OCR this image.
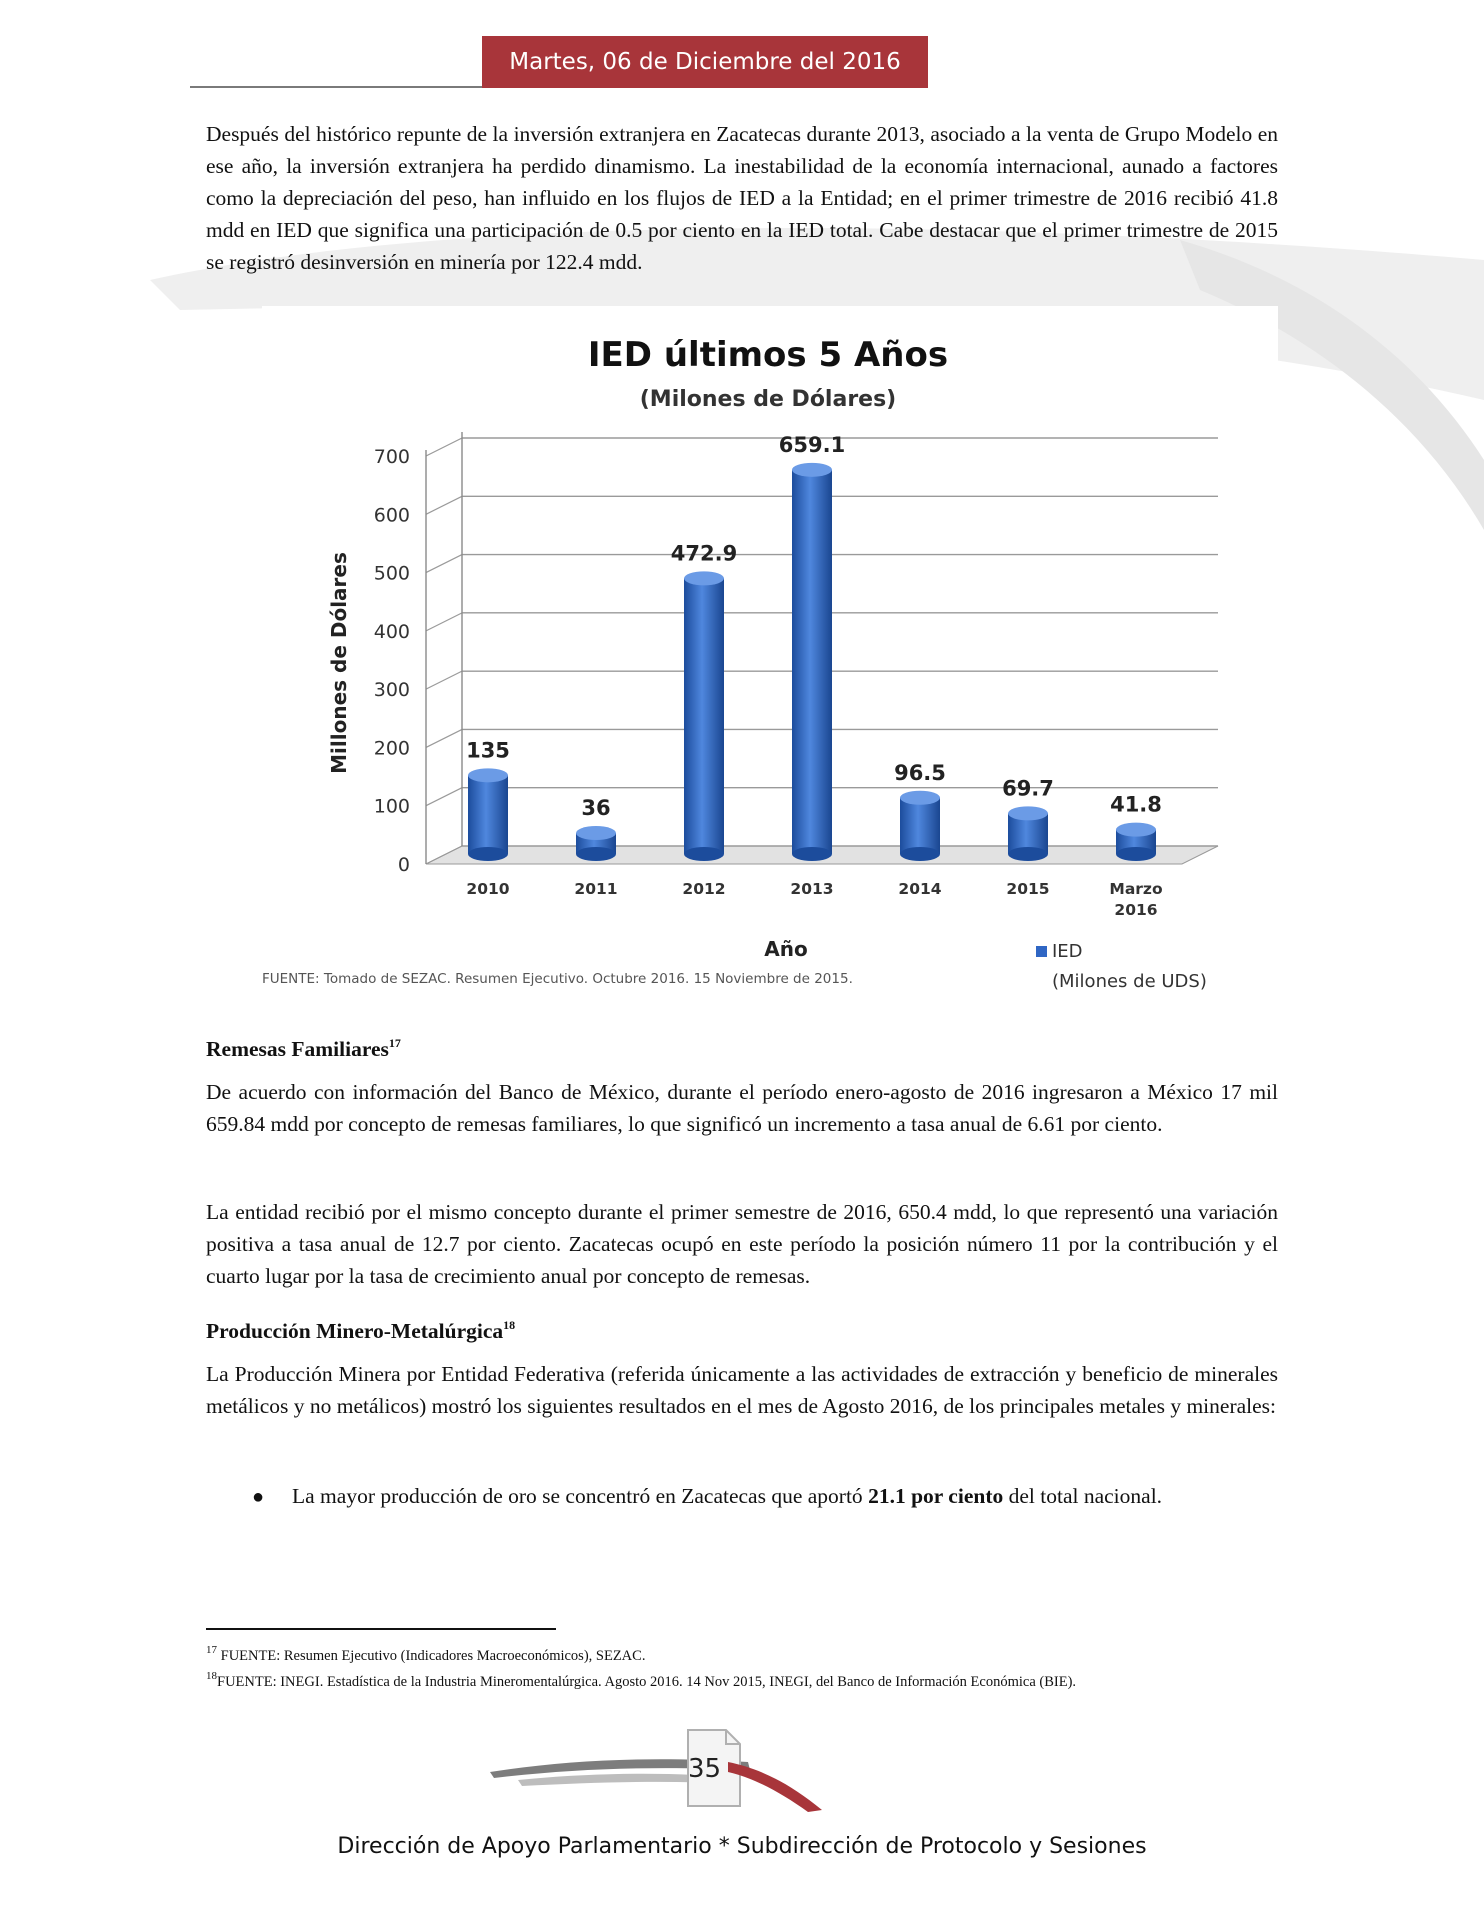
Martes, 06 de Diciembre del 2016

Después del histórico repunte de la inversión extranjera en Zacatecas durante 2013, asociado a la venta de Grupo Modelo en ese año, la inversión extranjera ha perdido dinamismo. La inestabilidad de la economía internacional, aunado a factores como la depreciación del peso, han influido en los flujos de IED a la Entidad; en el primer trimestre de 2016 recibió 41.8 mdd en IED que significa una participación de 0.5 por ciento en la IED total. Cabe destacar que el primer trimestre de 2015 se registró desinversión en minería por 122.4 mdd.

IED últimos 5 Años
(Milones de Dólares)
Millones de Dólares
Año
0
100
200
300
400
500
600
700
135
2010
36
2011
472.9
2012
659.1
2013
96.5
2014
69.7
2015
41.8
Marzo
2016
IED
(Milones de UDS)
FUENTE: Tomado de SEZAC. Resumen Ejecutivo. Octubre 2016. 15 Noviembre de 2015.

Remesas Familiares$^{17}$

De acuerdo con información del Banco de México, durante el período enero-agosto de 2016 ingresaron a México 17 mil 659.84 mdd por concepto de remesas familiares, lo que significó un incremento a tasa anual de 6.61 por ciento.

La entidad recibió por el mismo concepto durante el primer semestre de 2016, 650.4 mdd, lo que representó una variación positiva a tasa anual de 12.7 por ciento. Zacatecas ocupó en este período la posición número 11 por la contribución y el cuarto lugar por la tasa de crecimiento anual por concepto de remesas.

Producción Minero-Metalúrgica$^{18}$

La Producción Minera por Entidad Federativa (referida únicamente a las actividades de extracción y beneficio de minerales metálicos y no metálicos) mostró los siguientes resultados en el mes de Agosto 2016, de los principales metales y minerales:

● La mayor producción de oro se concentró en Zacatecas que aportó 21.1 por ciento del total nacional.

$^{17}$ FUENTE: Resumen Ejecutivo (Indicadores Macroeconómicos), SEZAC.

$^{18}$FUENTE: INEGI. Estadística de la Industria Mineromentalúrgica. Agosto 2016. 14 Nov 2015, INEGI, del Banco de Información Económica (BIE).

35
Dirección de Apoyo Parlamentario * Subdirección de Protocolo y Sesiones
